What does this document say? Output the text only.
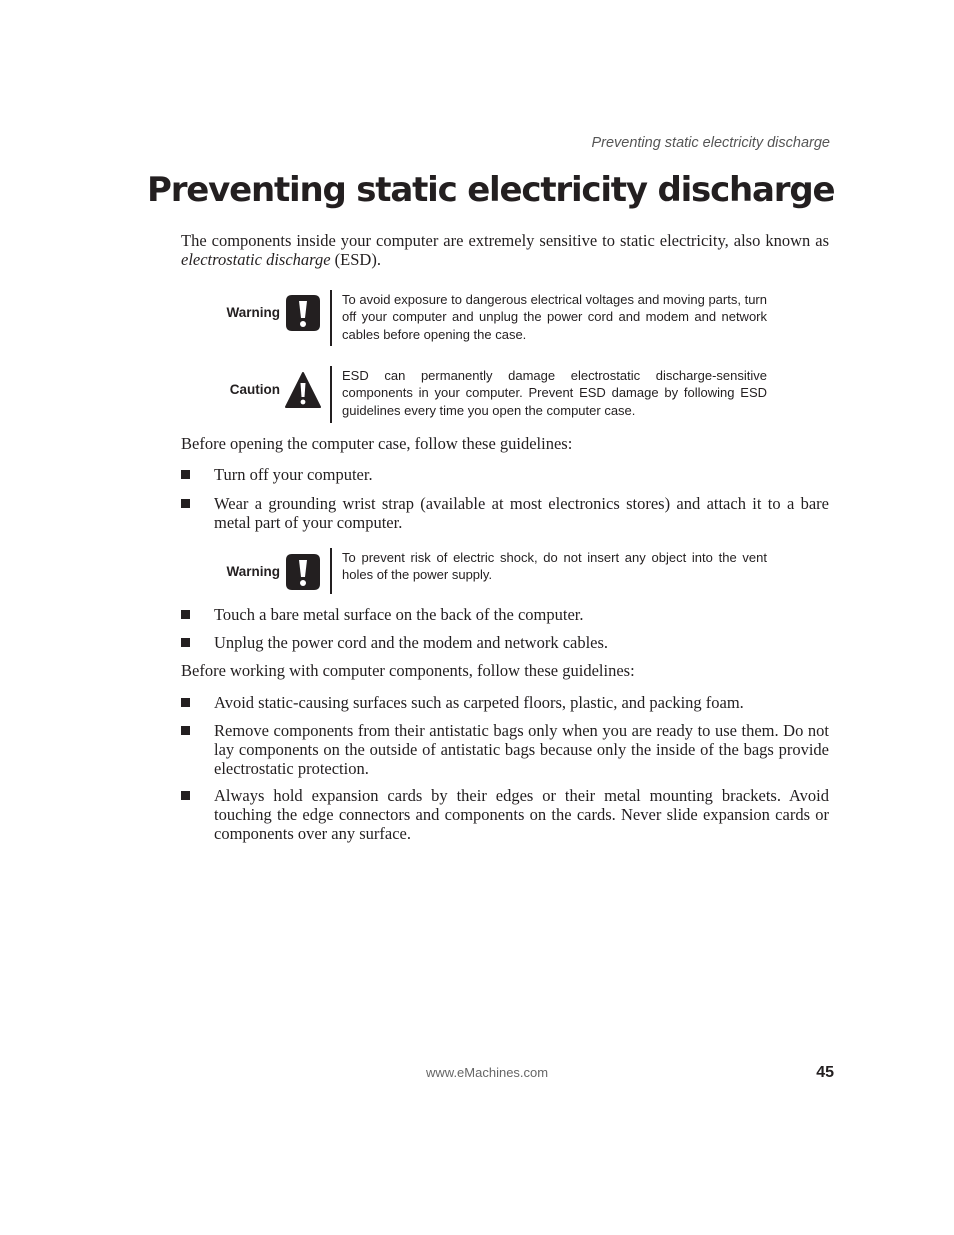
Preventing static electricity discharge
Preventing static electricity discharge

The components inside your computer are extremely sensitive to static electricity, also known as electrostatic discharge (ESD).

Warning
To avoid exposure to dangerous electrical voltages and moving parts, turn off your computer and unplug the power cord and modem and network cables before opening the case.
Caution
ESD can permanently damage electrostatic discharge-sensitive components in your computer. Prevent ESD damage by following ESD guidelines every time you open the computer case.

Before opening the computer case, follow these guidelines:

Turn off your computer.
Wear a grounding wrist strap (available at most electronics stores) and attach it to a bare metal part of your computer.
Warning
To prevent risk of electric shock, do not insert any object into the vent holes of the power supply.
Touch a bare metal surface on the back of the computer.
Unplug the power cord and the modem and network cables.

Before working with computer components, follow these guidelines:

Avoid static-causing surfaces such as carpeted floors, plastic, and packing foam.
Remove components from their antistatic bags only when you are ready to use them. Do not lay components on the outside of antistatic bags because only the inside of the bags provide electrostatic protection.
Always hold expansion cards by their edges or their metal mounting brackets. Avoid touching the edge connectors and components on the cards. Never slide expansion cards or components over any surface.
www.eMachines.com	45
